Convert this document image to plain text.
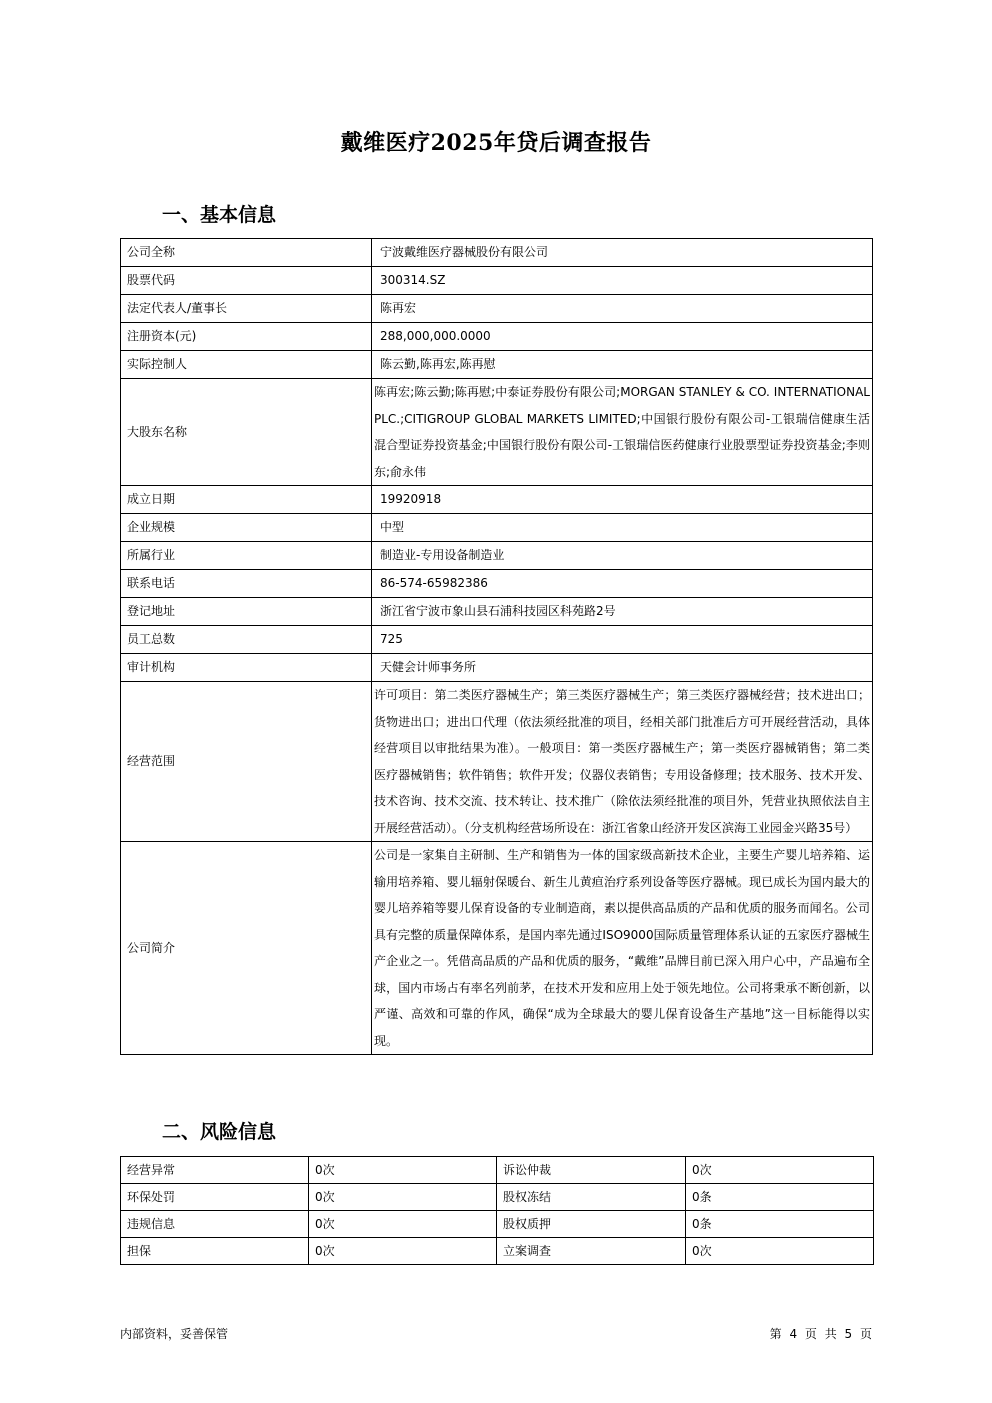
戴维医疗2025年贷后调查报告
一、基本信息
公司全称	宁波戴维医疗器械股份有限公司
股票代码	300314.SZ
法定代表人/董事长	陈再宏
注册资本(元)	288,000,000.0000
实际控制人	陈云勤,陈再宏,陈再慰
大股东名称	陈再宏;陈云勤;陈再慰;中泰证券股份有限公司;MORGAN STANLEY & CO. INTERNATIONAL PLC.;CITIGROUP GLOBAL MARKETS LIMITED;中国银行股份有限公司-工银瑞信健康生活混合型证券投资基金;中国银行股份有限公司-工银瑞信医药健康行业股票型证券投资基金;李则东;俞永伟
成立日期	19920918
企业规模	中型
所属行业	制造业-专用设备制造业
联系电话	86-574-65982386
登记地址	浙江省宁波市象山县石浦科技园区科苑路2号
员工总数	725
审计机构	天健会计师事务所
经营范围	许可项目：第二类医疗器械生产；第三类医疗器械生产；第三类医疗器械经营；技术进出口；货物进出口；进出口代理（依法须经批准的项目，经相关部门批准后方可开展经营活动，具体经营项目以审批结果为准）。一般项目：第一类医疗器械生产；第一类医疗器械销售；第二类医疗器械销售；软件销售；软件开发；仪器仪表销售；专用设备修理；技术服务、技术开发、技术咨询、技术交流、技术转让、技术推广（除依法须经批准的项目外，凭营业执照依法自主开展经营活动）。（分支机构经营场所设在：浙江省象山经济开发区滨海工业园金兴路35号）
公司简介	公司是一家集自主研制、生产和销售为一体的国家级高新技术企业，主要生产婴儿培养箱、运输用培养箱、婴儿辐射保暖台、新生儿黄疸治疗系列设备等医疗器械。现已成长为国内最大的婴儿培养箱等婴儿保育设备的专业制造商，素以提供高品质的产品和优质的服务而闻名。公司具有完整的质量保障体系，是国内率先通过ISO9000国际质量管理体系认证的五家医疗器械生产企业之一。凭借高品质的产品和优质的服务，“戴维”品牌目前已深入用户心中，产品遍布全球，国内市场占有率名列前茅，在技术开发和应用上处于领先地位。公司将秉承不断创新，以严谨、高效和可靠的作风，确保“成为全球最大的婴儿保育设备生产基地”这一目标能得以实现。
二、风险信息
经营异常	0次	诉讼仲裁	0次
环保处罚	0次	股权冻结	0条
违规信息	0次	股权质押	0条
担保	0次	立案调查	0次
内部资料，妥善保管	第 4 页 共 5 页
